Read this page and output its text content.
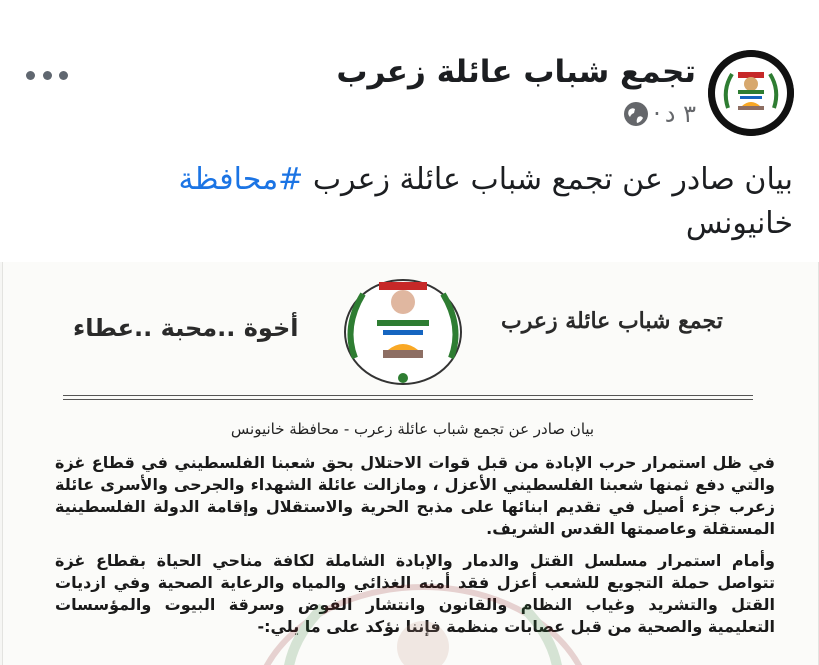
تجمع شباب عائلة زعرب
٣ د
·
بيان صادر عن تجمع شباب عائلة زعرب #محافظة
خانيونس
تجمع شباب عائلة زعرب
أخوة ..محبة ..عطاء
بيان صادر عن تجمع شباب عائلة زعرب - محافظة خانيونس

في ظل استمرار حرب الإبادة من قبل قوات الاحتلال بحق شعبنا الفلسطيني في قطاع غزة والتي دفع ثمنها شعبنا الفلسطيني الأعزل ، ومازالت عائلة الشهداء والجرحى والأسرى عائلة زعرب جزء أصيل في تقديم ابنائها على مذبح الحرية والاستقلال وإقامة الدولة الفلسطينية المستقلة وعاصمتها القدس الشريف.

وأمام استمرار مسلسل القتل والدمار والإبادة الشاملة لكافة مناحي الحياة بقطاع غزة تتواصل حملة التجويع للشعب أعزل فقد أمنه الغذائي والمياه والرعاية الصحية وفي ازديات القتل والتشريد وغياب النظام والقانون وانتشار الفوض وسرقة البيوت والمؤسسات التعليمية والصحية من قبل عصابات منظمة فإننا نؤكد على ما يلي:-
